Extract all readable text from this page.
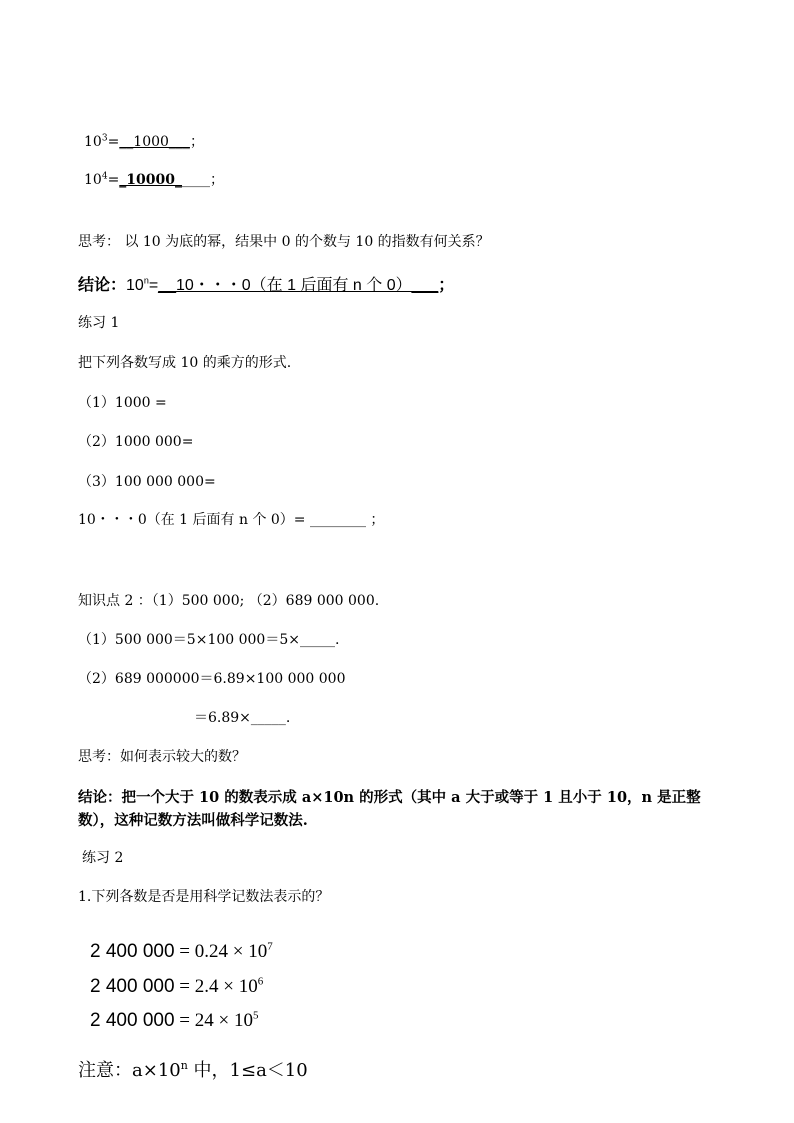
$10^3=\_\_1000\_\_\_$；
$10^4=\_10000\_\_\_\_\_$；
思考： 以 10 为底的幂，结果中 0 的个数与 10 的指数有何关系？
结论：$10^n=\_\_10$・・・0（在 1 后面有 n 个 0）___；
练习 1
把下列各数写成 10 的乘方的形式.
（1）1000 =
（2）1000 000=
（3）100 000 000=
10・・・0（在 1 后面有 n 个 0）= ________ ；
知识点 2 ：（1）500 000; （2）689 000 000.
（1）500 000＝5×100 000＝5×_____.
（2）689 000000＝6.89×100 000 000
＝6.89×_____.
思考：如何表示较大的数？
结论：把一个大于 10 的数表示成 a×10n 的形式（其中 a 大于或等于 1 且小于 10，n 是正整
数），这种记数方法叫做科学记数法.
练习 2
1.下列各数是否是用科学记数法表示的？
2 400 $000 = 0.24 \times 10^7$
2 400 $000 = 2.4 \times 10^6$
2 400 $000 = 24 \times 10^5$
注意：$a\times 10^n$ 中，1≤a＜10
